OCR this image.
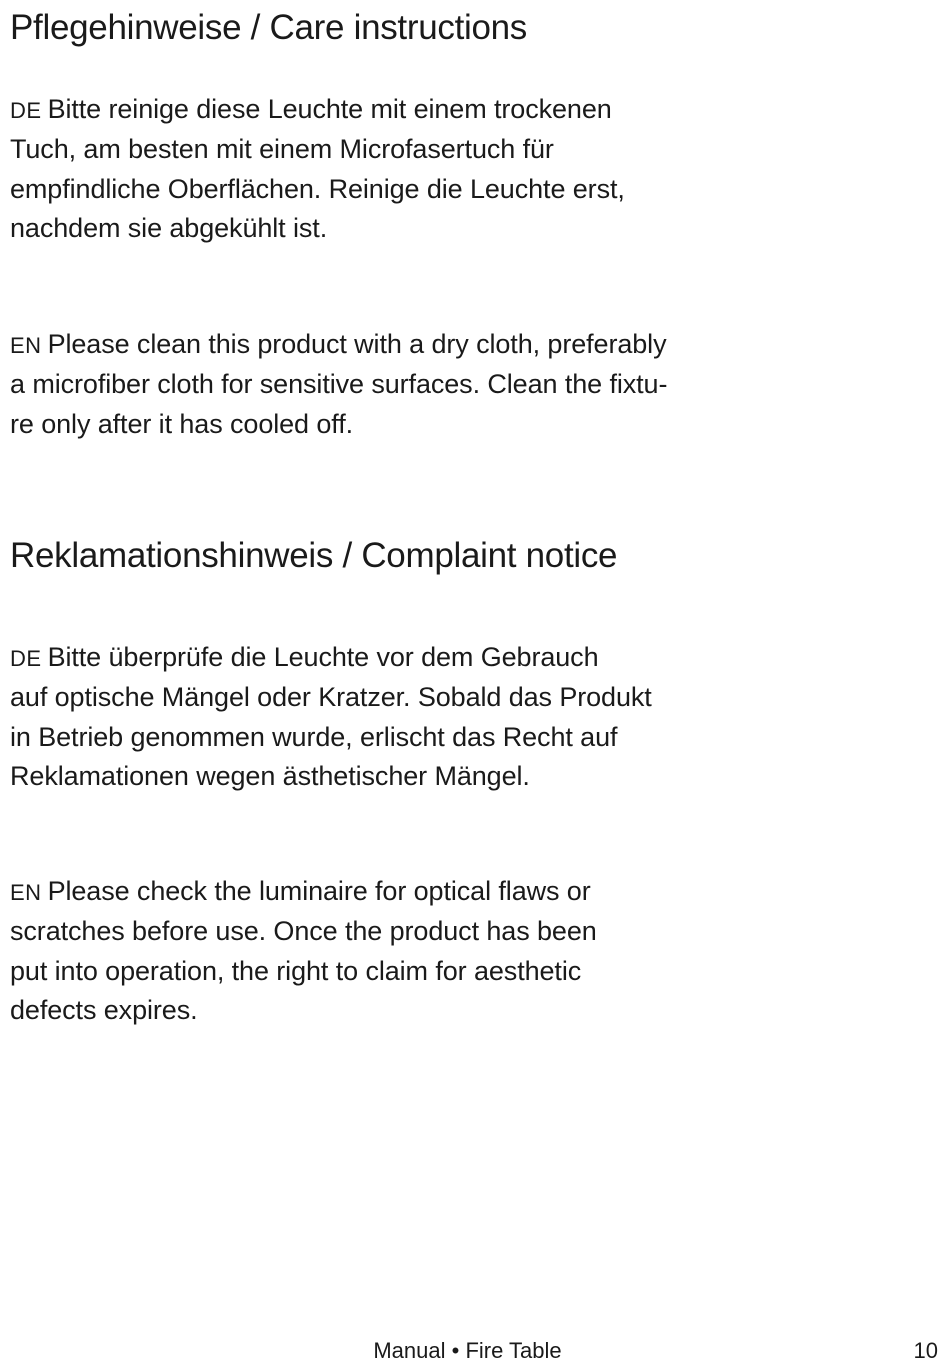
Pflegehinweise / Care instructions

DE Bitte reinige diese Leuchte mit einem trockenen
Tuch, am besten mit einem Microfasertuch für
empfindliche Oberflächen. Reinige die Leuchte erst,
nachdem sie abgekühlt ist.

EN Please clean this product with a dry cloth, preferably
a microfiber cloth for sensitive surfaces. Clean the fixtu-
re only after it has cooled off.

Reklamationshinweis / Complaint notice

DE Bitte überprüfe die Leuchte vor dem Gebrauch
auf optische Mängel oder Kratzer. Sobald das Produkt
in Betrieb genommen wurde, erlischt das Recht auf
Reklamationen wegen ästhetischer Mängel.

EN Please check the luminaire for optical flaws or
scratches before use. Once the product has been
put into operation, the right to claim for aesthetic
defects expires.

Manual • Fire Table	10
